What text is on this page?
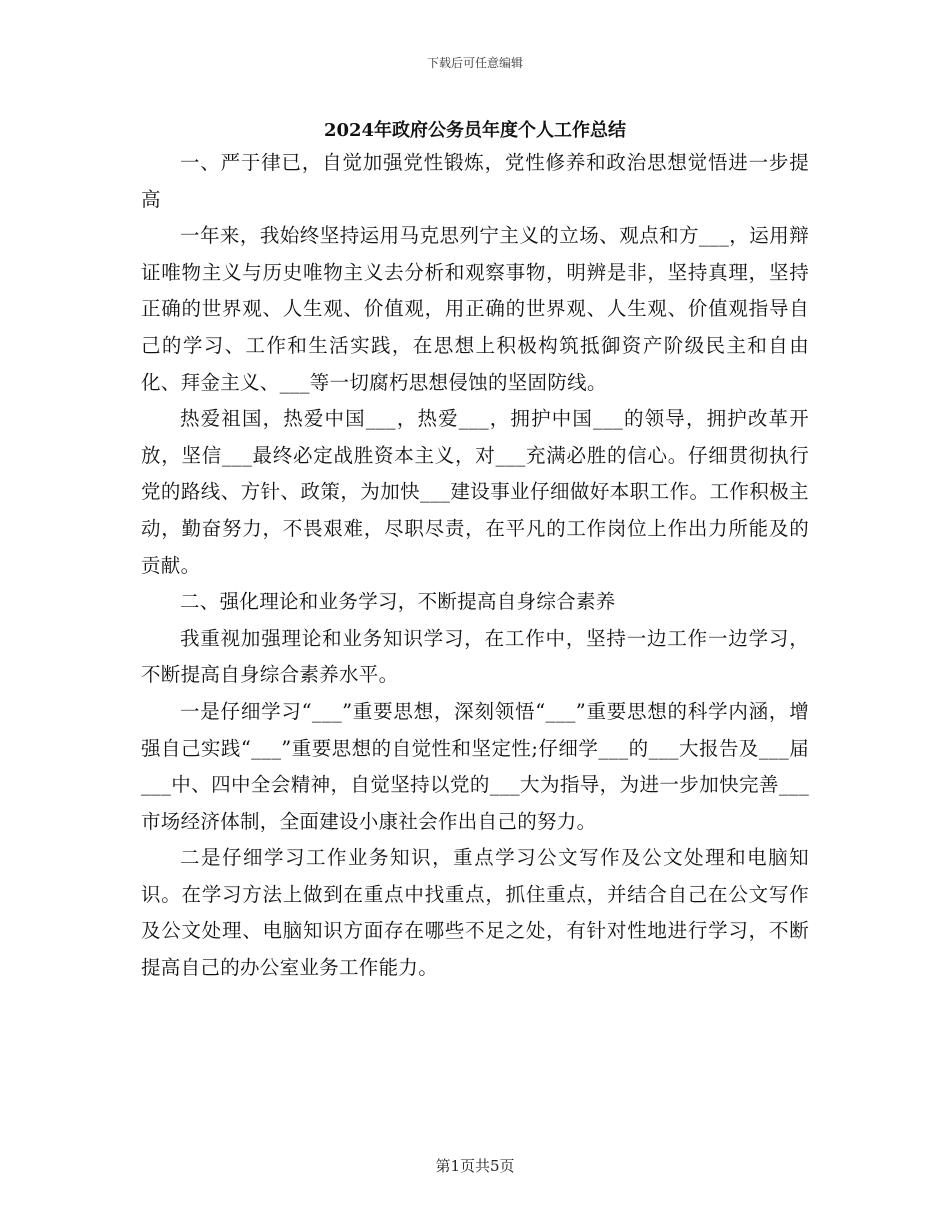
下载后可任意编辑
2024年政府公务员年度个人工作总结

一、严于律已，自觉加强党性锻炼，党性修养和政治思想觉悟进一步提高

一年来，我始终坚持运用马克思列宁主义的立场、观点和方___，运用辩证唯物主义与历史唯物主义去分析和观察事物，明辨是非，坚持真理，坚持正确的世界观、人生观、价值观，用正确的世界观、人生观、价值观指导自己的学习、工作和生活实践，在思想上积极构筑抵御资产阶级民主和自由化、拜金主义、___等一切腐朽思想侵蚀的坚固防线。

热爱祖国，热爱中国___，热爱___，拥护中国___的领导，拥护改革开放，坚信___最终必定战胜资本主义，对___充满必胜的信心。仔细贯彻执行党的路线、方针、政策，为加快___建设事业仔细做好本职工作。工作积极主动，勤奋努力，不畏艰难，尽职尽责，在平凡的工作岗位上作出力所能及的贡献。

二、强化理论和业务学习，不断提高自身综合素养

我重视加强理论和业务知识学习，在工作中，坚持一边工作一边学习，不断提高自身综合素养水平。

一是仔细学习“___”重要思想，深刻领悟“___”重要思想的科学内涵，增强自己实践“___”重要思想的自觉性和坚定性;仔细学___的___大报告及___届___中、四中全会精神，自觉坚持以党的___大为指导，为进一步加快完善___市场经济体制，全面建设小康社会作出自己的努力。

二是仔细学习工作业务知识，重点学习公文写作及公文处理和电脑知识。在学习方法上做到在重点中找重点，抓住重点，并结合自己在公文写作及公文处理、电脑知识方面存在哪些不足之处，有针对性地进行学习，不断提高自己的办公室业务工作能力。

第1页共5页
